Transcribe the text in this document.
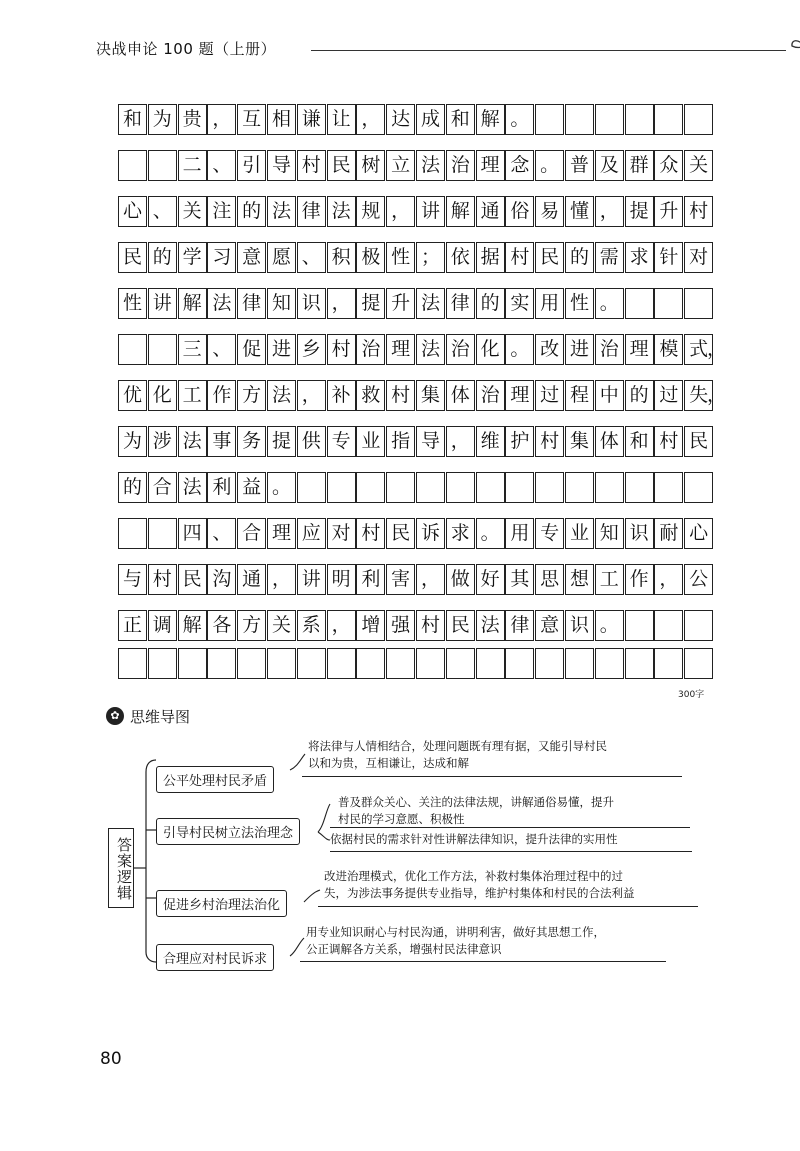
决战申论 100 题（上册）
和 为 贵 ， 互 相 谦 让 ， 达 成 和 解 。
二 、 引 导 村 民 树 立 法 治 理 念 。 普 及 群 众 关
心 、 关 注 的 法 律 法 规 ， 讲 解 通 俗 易 懂 ， 提 升 村
民 的 学 习 意 愿 、 积 极 性 ； 依 据 村 民 的 需 求 针 对
性 讲 解 法 律 知 识 ， 提 升 法 律 的 实 用 性 。
三 、 促 进 乡 村 治 理 法 治 化 。 改 进 治 理 模 式
，
优 化 工 作 方 法 ， 补 救 村 集 体 治 理 过 程 中 的 过 失
，
为 涉 法 事 务 提 供 专 业 指 导 ， 维 护 村 集 体 和 村 民
的 合 法 利 益 。
四 、 合 理 应 对 村 民 诉 求 。 用 专 业 知 识 耐 心
与 村 民 沟 通 ， 讲 明 利 害 ， 做 好 其 思 想 工 作 ， 公
正 调 解 各 方 关 系 ， 增 强 村 民 法 律 意 识 。
300字
✿ 思维导图
答案逻辑
公平处理村民矛盾
将法律与人情相结合，处理问题既有理有据，又能引导村民
以和为贵，互相谦让，达成和解
引导村民树立法治理念
普及群众关心、关注的法律法规，讲解通俗易懂，提升
村民的学习意愿、积极性
依据村民的需求针对性讲解法律知识，提升法律的实用性
促进乡村治理法治化
改进治理模式，优化工作方法，补救村集体治理过程中的过
失，为涉法事务提供专业指导，维护村集体和村民的合法利益
合理应对村民诉求
用专业知识耐心与村民沟通，讲明利害，做好其思想工作，
公正调解各方关系，增强村民法律意识
80
